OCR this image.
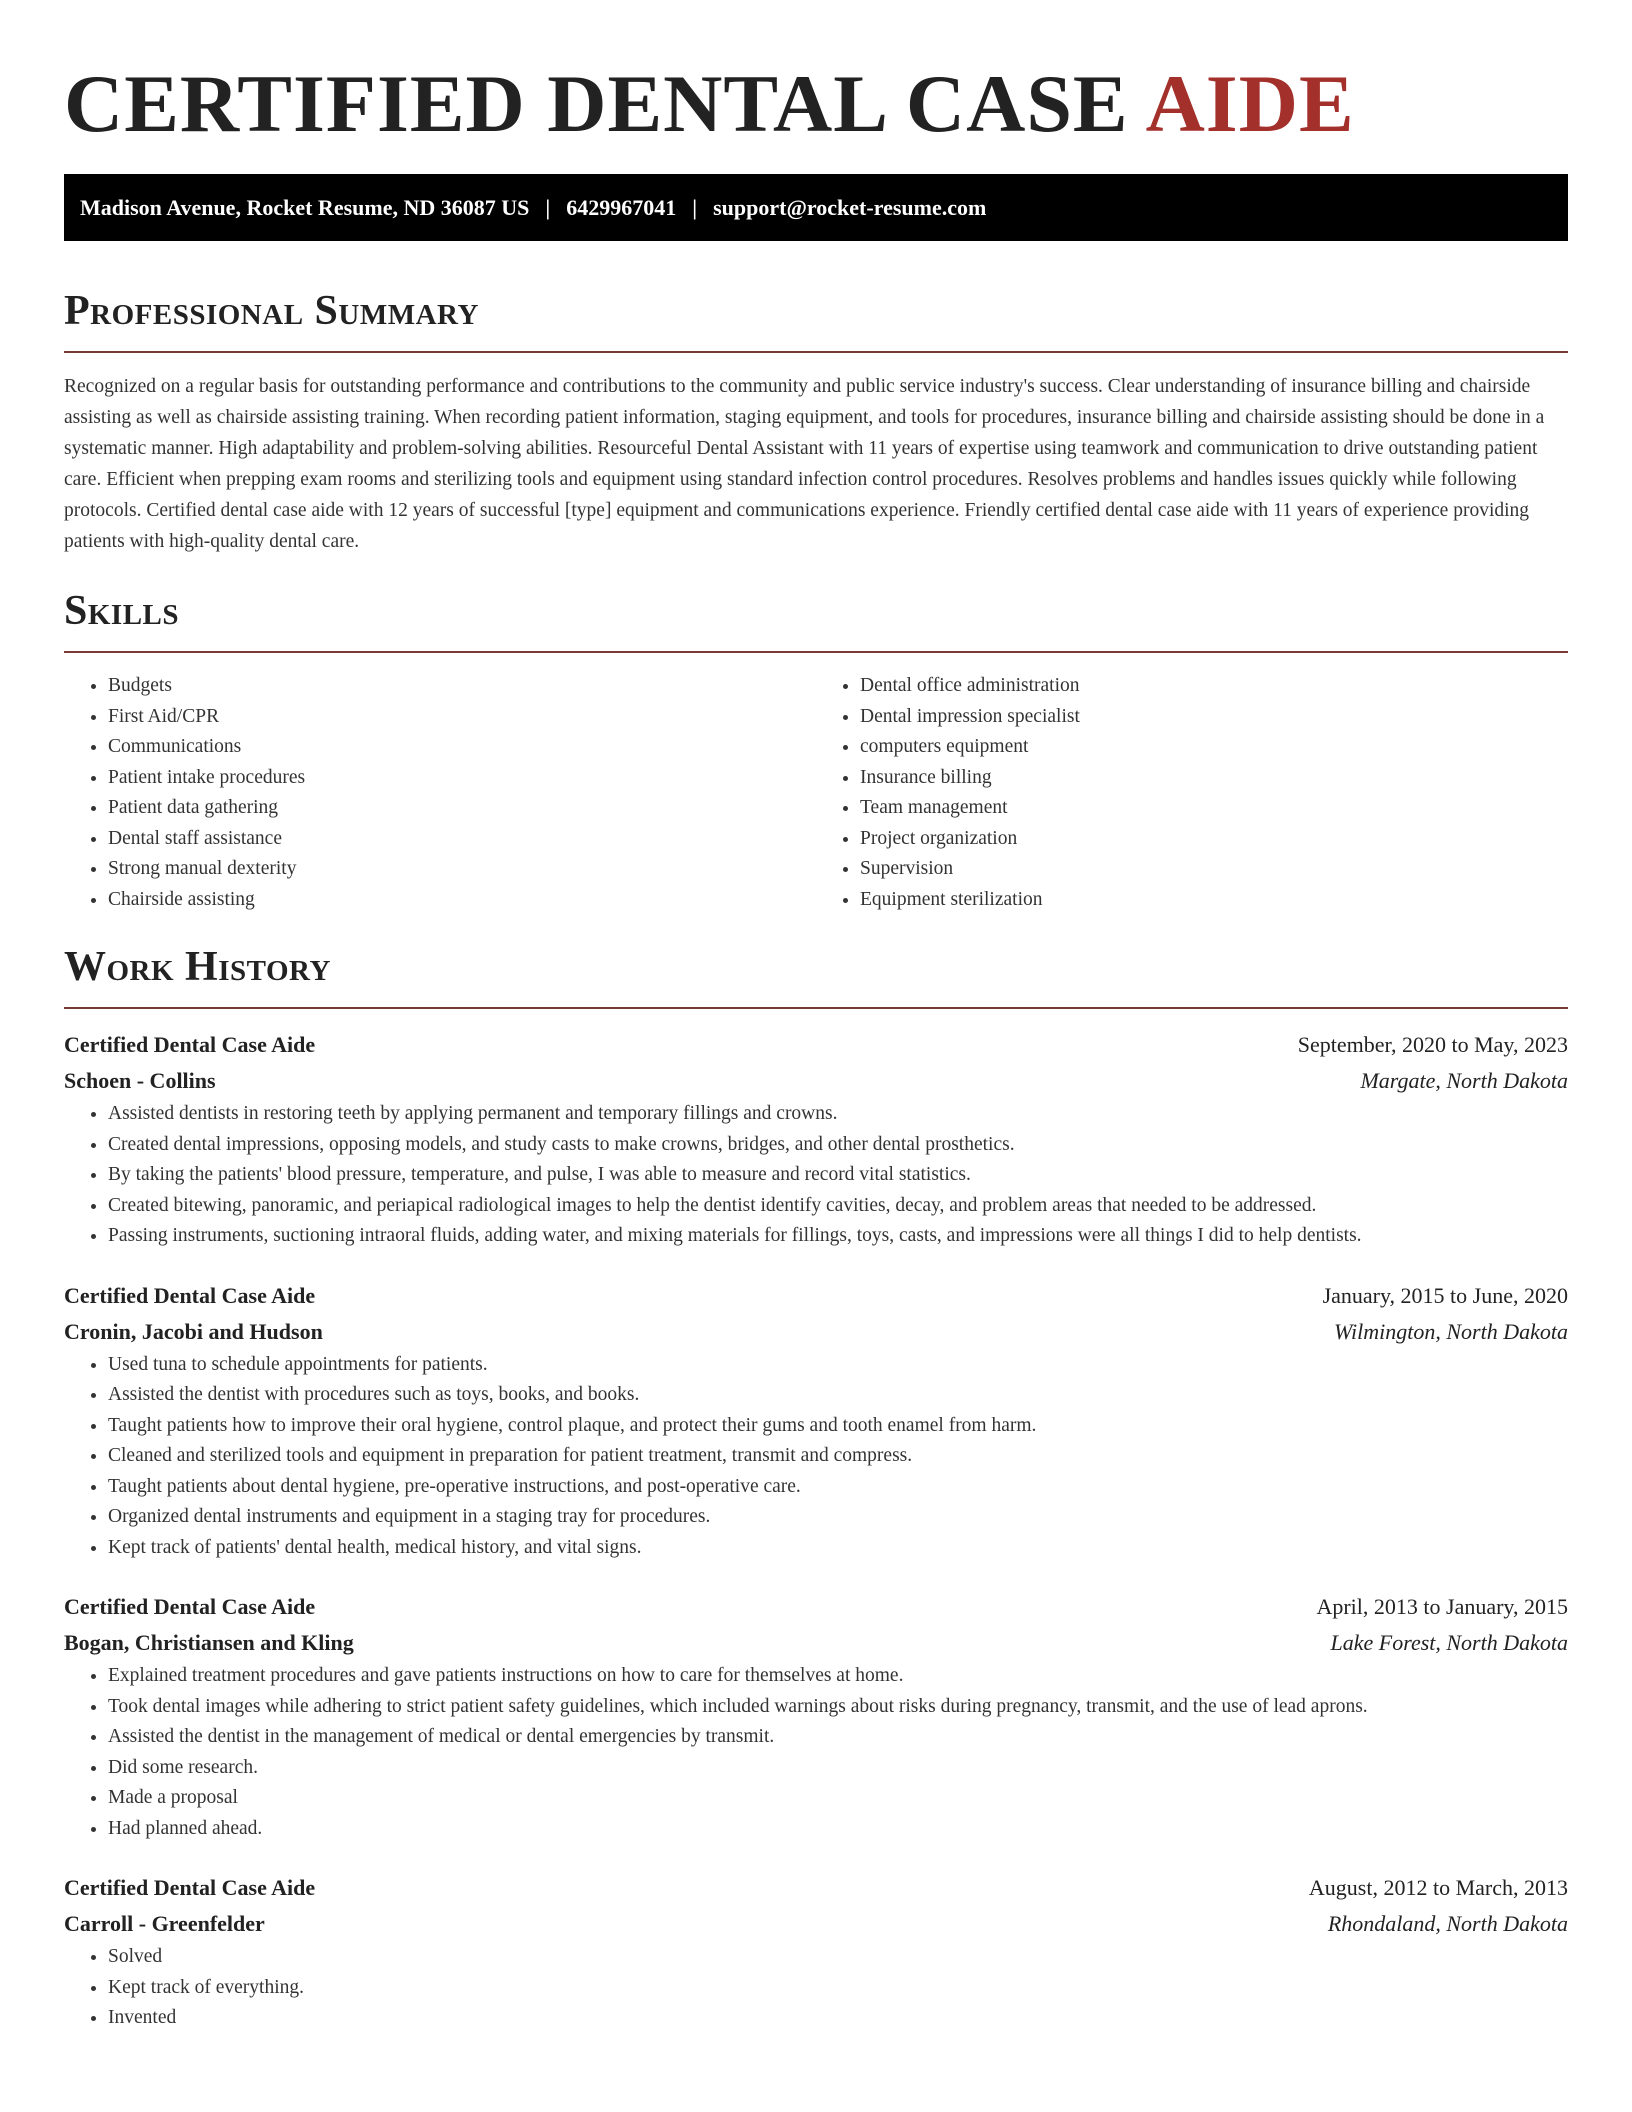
CERTIFIED DENTAL CASE AIDE
Madison Avenue, Rocket Resume, ND 36087 US | 6429967041 | support@rocket-resume.com
Professional Summary

Recognized on a regular basis for outstanding performance and contributions to the community and public service industry's success. Clear understanding of insurance billing and chairside assisting as well as chairside assisting training. When recording patient information, staging equipment, and tools for procedures, insurance billing and chairside assisting should be done in a systematic manner. High adaptability and problem-solving abilities. Resourceful Dental Assistant with 11 years of expertise using teamwork and communication to drive outstanding patient care. Efficient when prepping exam rooms and sterilizing tools and equipment using standard infection control procedures. Resolves problems and handles issues quickly while following protocols. Certified dental case aide with 12 years of successful [type] equipment and communications experience. Friendly certified dental case aide with 11 years of experience providing patients with high-quality dental care.

Skills
• Budgets
• First Aid/CPR
• Communications
• Patient intake procedures
• Patient data gathering
• Dental staff assistance
• Strong manual dexterity
• Chairside assisting
• Dental office administration
• Dental impression specialist
• computers equipment
• Insurance billing
• Team management
• Project organization
• Supervision
• Equipment sterilization
Work History
Certified Dental Case Aide	September, 2020 to May, 2023
Schoen - Collins	Margate, North Dakota
• Assisted dentists in restoring teeth by applying permanent and temporary fillings and crowns.
• Created dental impressions, opposing models, and study casts to make crowns, bridges, and other dental prosthetics.
• By taking the patients' blood pressure, temperature, and pulse, I was able to measure and record vital statistics.
• Created bitewing, panoramic, and periapical radiological images to help the dentist identify cavities, decay, and problem areas that needed to be addressed.
• Passing instruments, suctioning intraoral fluids, adding water, and mixing materials for fillings, toys, casts, and impressions were all things I did to help dentists.
Certified Dental Case Aide	January, 2015 to June, 2020
Cronin, Jacobi and Hudson	Wilmington, North Dakota
• Used tuna to schedule appointments for patients.
• Assisted the dentist with procedures such as toys, books, and books.
• Taught patients how to improve their oral hygiene, control plaque, and protect their gums and tooth enamel from harm.
• Cleaned and sterilized tools and equipment in preparation for patient treatment, transmit and compress.
• Taught patients about dental hygiene, pre-operative instructions, and post-operative care.
• Organized dental instruments and equipment in a staging tray for procedures.
• Kept track of patients' dental health, medical history, and vital signs.
Certified Dental Case Aide	April, 2013 to January, 2015
Bogan, Christiansen and Kling	Lake Forest, North Dakota
• Explained treatment procedures and gave patients instructions on how to care for themselves at home.
• Took dental images while adhering to strict patient safety guidelines, which included warnings about risks during pregnancy, transmit, and the use of lead aprons.
• Assisted the dentist in the management of medical or dental emergencies by transmit.
• Did some research.
• Made a proposal
• Had planned ahead.
Certified Dental Case Aide	August, 2012 to March, 2013
Carroll - Greenfelder	Rhondaland, North Dakota
• Solved
• Kept track of everything.
• Invented
